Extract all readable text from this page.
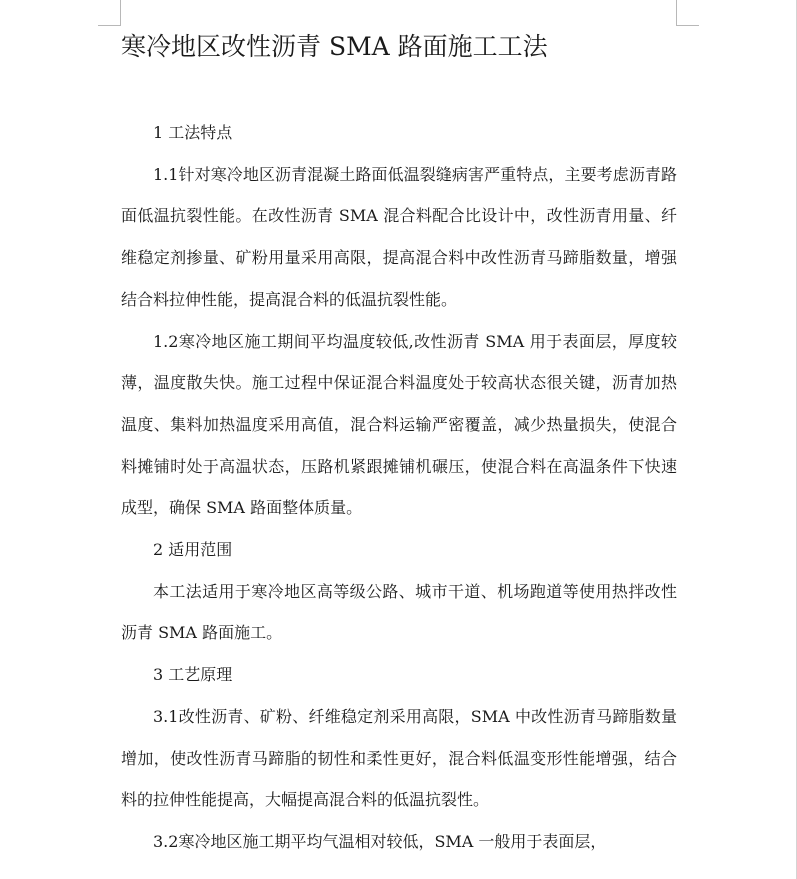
寒冷地区改性沥青 SMA 路面施工工法

1 工法特点

1.1针对寒冷地区沥青混凝土路面低温裂缝病害严重特点，主要考虑沥青路面低温抗裂性能。在改性沥青 SMA 混合料配合比设计中，改性沥青用量、纤维稳定剂掺量、矿粉用量采用高限，提高混合料中改性沥青马蹄脂数量，增强结合料拉伸性能，提高混合料的低温抗裂性能。

1.2寒冷地区施工期间平均温度较低,改性沥青 SMA 用于表面层，厚度较薄，温度散失快。施工过程中保证混合料温度处于较高状态很关键，沥青加热温度、集料加热温度采用高值，混合料运输严密覆盖，减少热量损失，使混合料摊铺时处于高温状态，压路机紧跟摊铺机碾压，使混合料在高温条件下快速成型，确保 SMA 路面整体质量。

2 适用范围

本工法适用于寒冷地区高等级公路、城市干道、机场跑道等使用热拌改性沥青 SMA 路面施工。

3 工艺原理

3.1改性沥青、矿粉、纤维稳定剂采用高限，SMA 中改性沥青马蹄脂数量增加，使改性沥青马蹄脂的韧性和柔性更好，混合料低温变形性能增强，结合料的拉伸性能提高，大幅提高混合料的低温抗裂性。

3.2寒冷地区施工期平均气温相对较低，SMA 一般用于表面层，
